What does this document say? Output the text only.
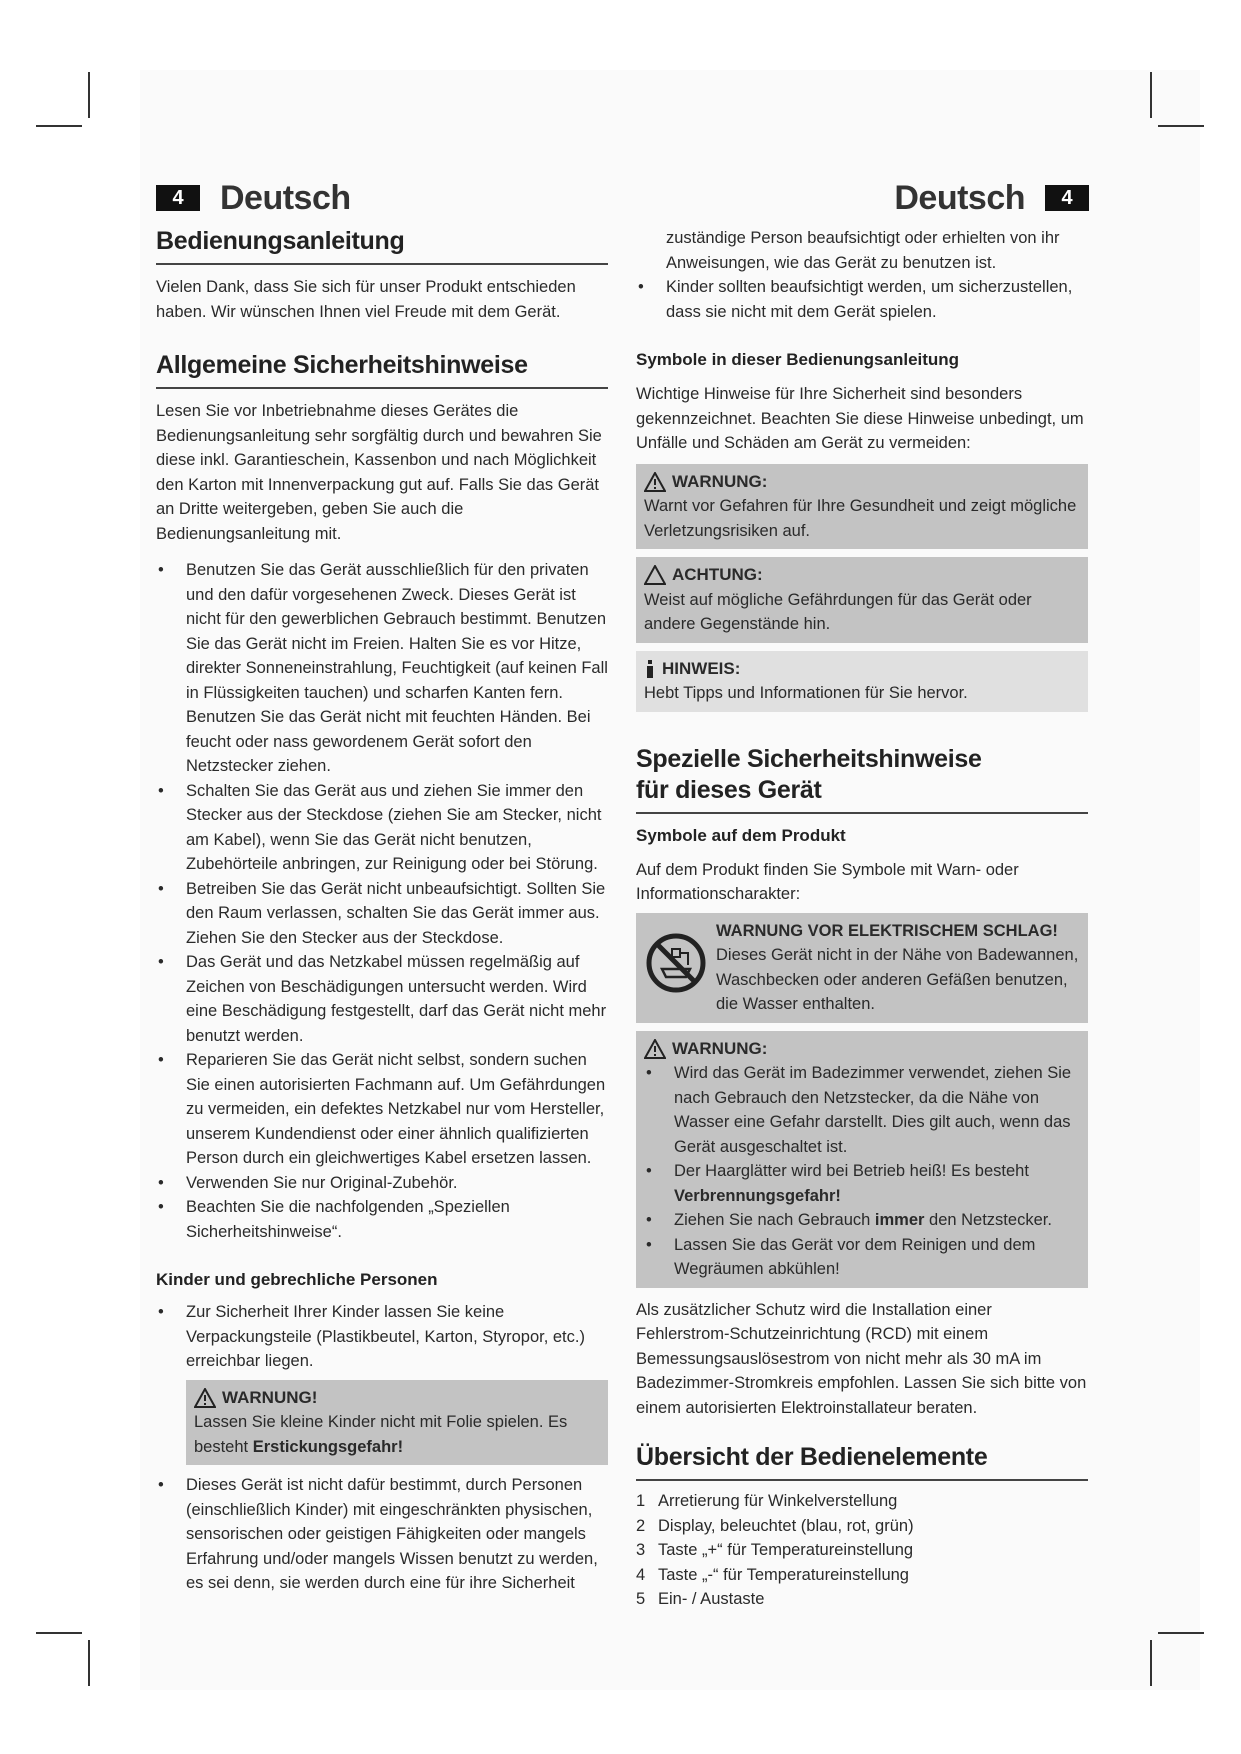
4	Deutsch	Deutsch	4
Bedienungsanleitung

Vielen Dank, dass Sie sich für unser Produkt entschieden haben. Wir wünschen Ihnen viel Freude mit dem Gerät.

Allgemeine Sicherheitshinweise

Lesen Sie vor Inbetriebnahme dieses Gerätes die Bedienungsanleitung sehr sorgfältig durch und bewahren Sie diese inkl. Garantieschein, Kassenbon und nach Möglichkeit den Karton mit Innenverpackung gut auf. Falls Sie das Gerät an Dritte weitergeben, geben Sie auch die Bedienungsanleitung mit.

• Benutzen Sie das Gerät ausschließlich für den privaten und den dafür vorgesehenen Zweck. Dieses Gerät ist nicht für den gewerblichen Gebrauch bestimmt. Benutzen Sie das Gerät nicht im Freien. Halten Sie es vor Hitze, direkter Sonneneinstrahlung, Feuchtigkeit (auf keinen Fall in Flüssigkeiten tauchen) und scharfen Kanten fern. Benutzen Sie das Gerät nicht mit feuchten Händen. Bei feucht oder nass gewordenem Gerät sofort den Netzstecker ziehen.
• Schalten Sie das Gerät aus und ziehen Sie immer den Stecker aus der Steckdose (ziehen Sie am Stecker, nicht am Kabel), wenn Sie das Gerät nicht benutzen, Zubehörteile anbringen, zur Reinigung oder bei Störung.
• Betreiben Sie das Gerät nicht unbeaufsichtigt. Sollten Sie den Raum verlassen, schalten Sie das Gerät immer aus. Ziehen Sie den Stecker aus der Steckdose.
• Das Gerät und das Netzkabel müssen regelmäßig auf Zeichen von Beschädigungen untersucht werden. Wird eine Beschädigung festgestellt, darf das Gerät nicht mehr benutzt werden.
• Reparieren Sie das Gerät nicht selbst, sondern suchen Sie einen autorisierten Fachmann auf. Um Gefährdungen zu vermeiden, ein defektes Netzkabel nur vom Hersteller, unserem Kundendienst oder einer ähnlich qualifizierten Person durch ein gleichwertiges Kabel ersetzen lassen.
• Verwenden Sie nur Original-Zubehör.
• Beachten Sie die nachfolgenden „Speziellen Sicherheitshinweise“.
Kinder und gebrechliche Personen
• Zur Sicherheit Ihrer Kinder lassen Sie keine Verpackungsteile (Plastikbeutel, Karton, Styropor, etc.) erreichbar liegen.
WARNUNG!
Lassen Sie kleine Kinder nicht mit Folie spielen. Es besteht Erstickungsgefahr!
• Dieses Gerät ist nicht dafür bestimmt, durch Personen (einschließlich Kinder) mit eingeschränkten physischen, sensorischen oder geistigen Fähigkeiten oder mangels Erfahrung und/oder mangels Wissen benutzt zu werden, es sei denn, sie werden durch eine für ihre Sicherheit

zuständige Person beaufsichtigt oder erhielten von ihr Anweisungen, wie das Gerät zu benutzen ist.

• Kinder sollten beaufsichtigt werden, um sicherzustellen, dass sie nicht mit dem Gerät spielen.
Symbole in dieser Bedienungsanleitung

Wichtige Hinweise für Ihre Sicherheit sind besonders gekennzeichnet. Beachten Sie diese Hinweise unbedingt, um Unfälle und Schäden am Gerät zu vermeiden:

WARNUNG:
Warnt vor Gefahren für Ihre Gesundheit und zeigt mögliche Verletzungsrisiken auf.
ACHTUNG:
Weist auf mögliche Gefährdungen für das Gerät oder andere Gegenstände hin.
HINWEIS:
Hebt Tipps und Informationen für Sie hervor.
Spezielle Sicherheitshinweise
für dieses Gerät
Symbole auf dem Produkt

Auf dem Produkt finden Sie Symbole mit Warn- oder Informationscharakter:

WARNUNG VOR ELEKTRISCHEM SCHLAG!
Dieses Gerät nicht in der Nähe von Badewannen, Waschbecken oder anderen Gefäßen benutzen, die Wasser enthalten.
WARNUNG:
• Wird das Gerät im Badezimmer verwendet, ziehen Sie nach Gebrauch den Netzstecker, da die Nähe von Wasser eine Gefahr darstellt. Dies gilt auch, wenn das Gerät ausgeschaltet ist.
• Der Haarglätter wird bei Betrieb heiß! Es besteht Verbrennungsgefahr!
• Ziehen Sie nach Gebrauch immer den Netzstecker.
• Lassen Sie das Gerät vor dem Reinigen und dem Wegräumen abkühlen!

Als zusätzlicher Schutz wird die Installation einer Fehlerstrom-Schutzeinrichtung (RCD) mit einem Bemessungsauslösestrom von nicht mehr als 30 mA im Badezimmer-Stromkreis empfohlen. Lassen Sie sich bitte von einem autorisierten Elektroinstallateur beraten.

Übersicht der Bedienelemente
1 Arretierung für Winkelverstellung
2 Display, beleuchtet (blau, rot, grün)
3 Taste „+“ für Temperatureinstellung
4 Taste „-“ für Temperatureinstellung
5 Ein- / Austaste
